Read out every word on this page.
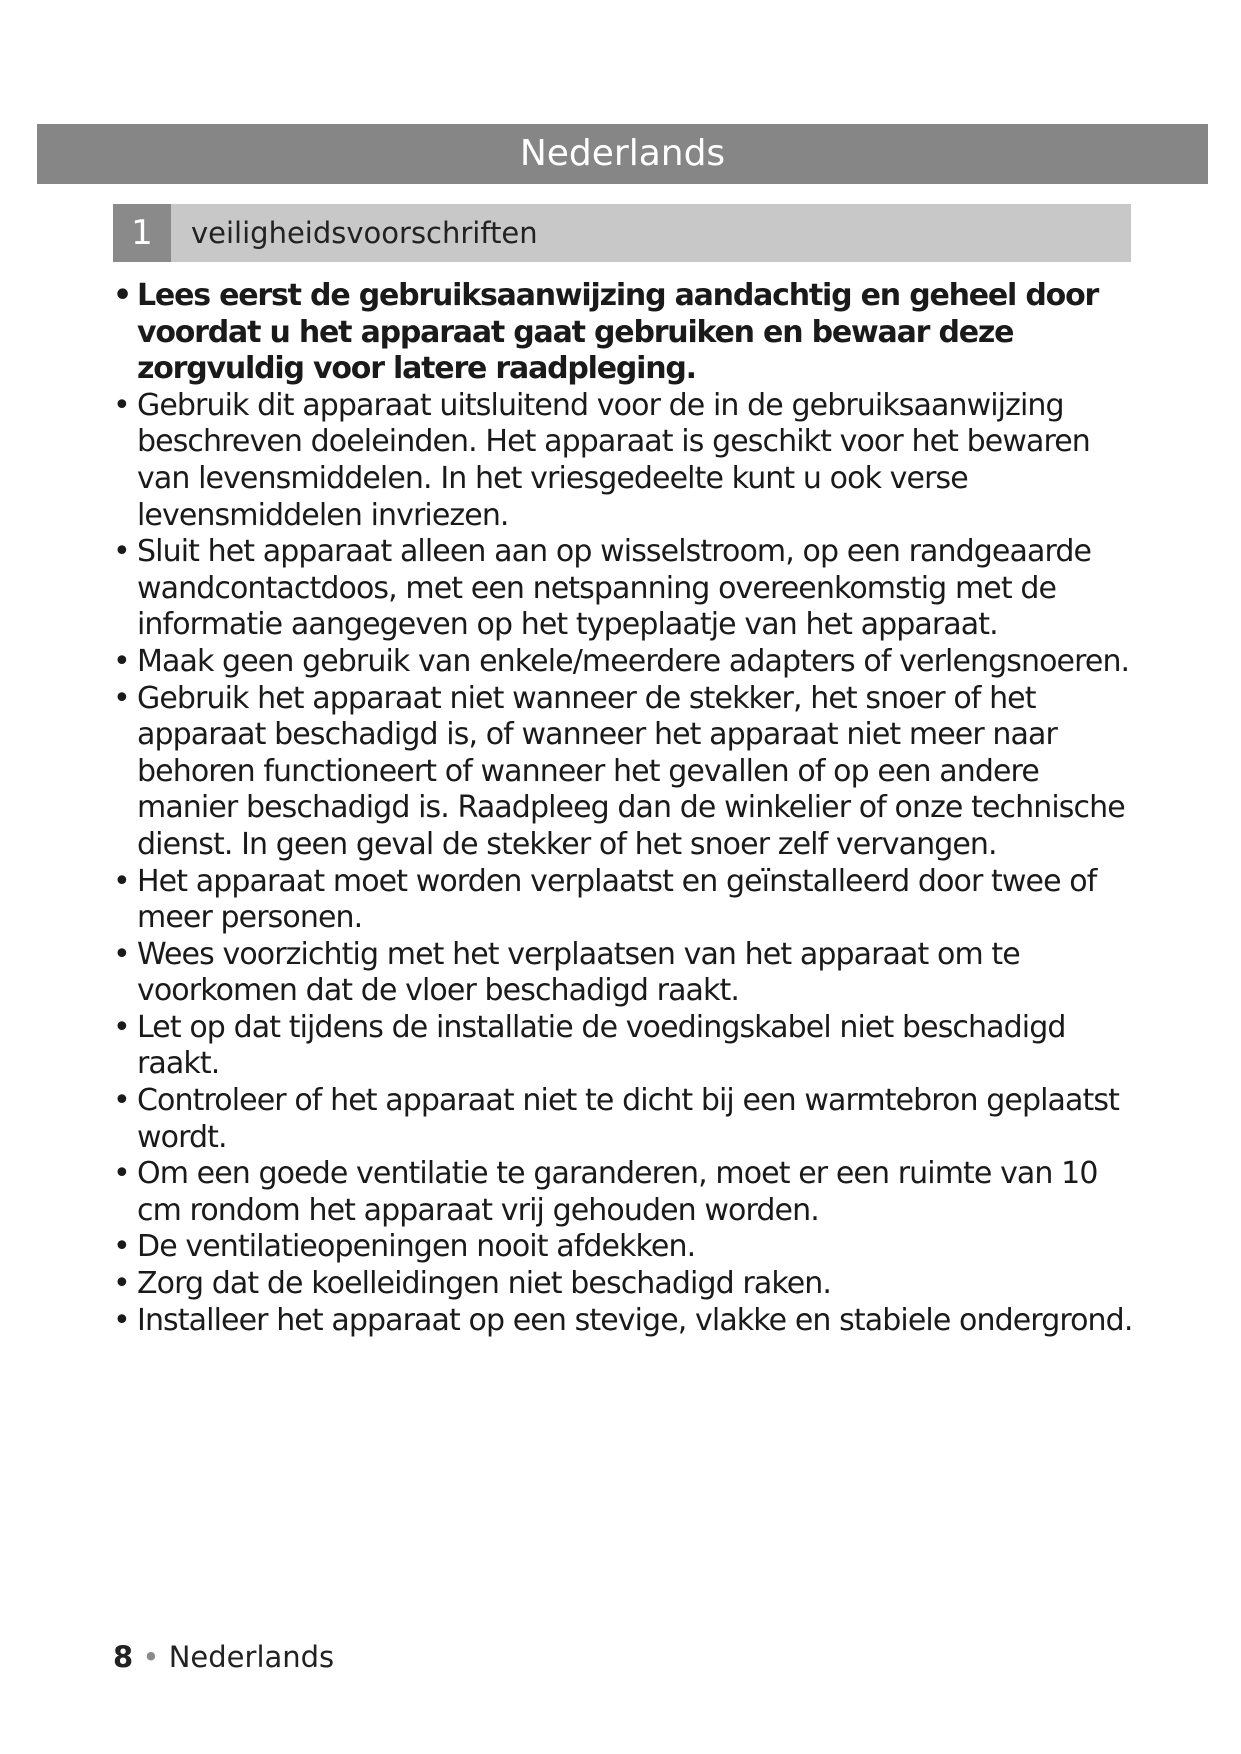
Nederlands
1	veiligheidsvoorschriften
• Lees eerst de gebruiksaanwijzing aandachtig en geheel door voordat u het apparaat gaat gebruiken en bewaar deze zorgvuldig voor latere raadpleging.
• Gebruik dit apparaat uitsluitend voor de in de gebruiksaanwijzing beschreven doeleinden. Het apparaat is geschikt voor het bewaren van levensmiddelen. In het vriesgedeelte kunt u ook verse levensmiddelen invriezen.
• Sluit het apparaat alleen aan op wisselstroom, op een randgeaarde wandcontactdoos, met een netspanning overeenkomstig met de informatie aangegeven op het typeplaatje van het apparaat.
• Maak geen gebruik van enkele/meerdere adapters of verlengsnoeren.
• Gebruik het apparaat niet wanneer de stekker, het snoer of het apparaat beschadigd is, of wanneer het apparaat niet meer naar behoren functioneert of wanneer het gevallen of op een andere manier beschadigd is. Raadpleeg dan de winkelier of onze technische dienst. In geen geval de stekker of het snoer zelf vervangen.
• Het apparaat moet worden verplaatst en geïnstalleerd door twee of meer personen.
• Wees voorzichtig met het verplaatsen van het apparaat om te voorkomen dat de vloer beschadigd raakt.
• Let op dat tijdens de installatie de voedingskabel niet beschadigd raakt.
• Controleer of het apparaat niet te dicht bij een warmtebron geplaatst wordt.
• Om een goede ventilatie te garanderen, moet er een ruimte van 10 cm rondom het apparaat vrij gehouden worden.
• De ventilatieopeningen nooit afdekken.
• Zorg dat de koelleidingen niet beschadigd raken.
• Installeer het apparaat op een stevige, vlakke en stabiele ondergrond.
8 • Nederlands
